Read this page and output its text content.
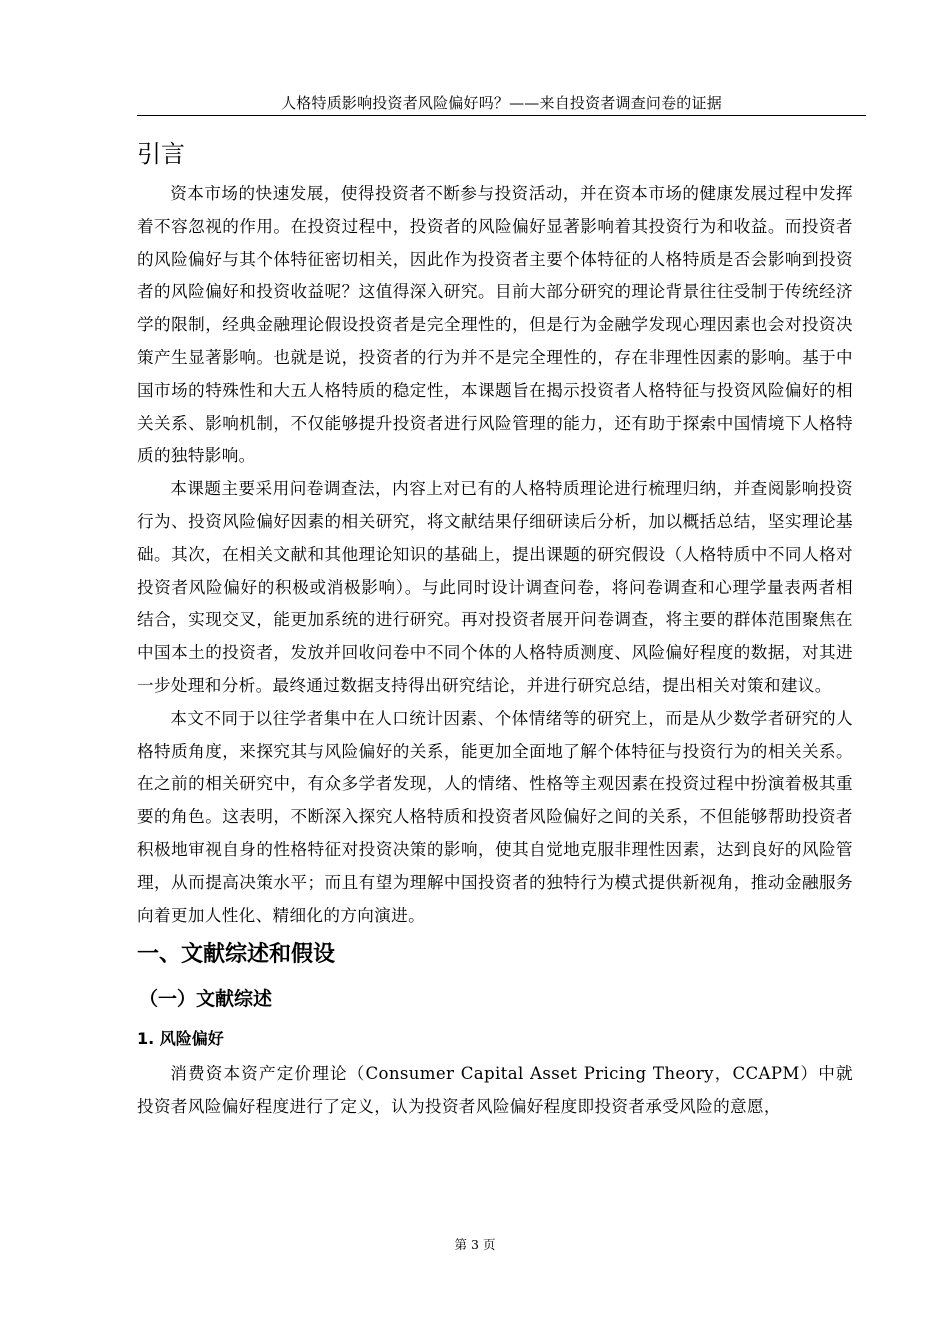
人格特质影响投资者风险偏好吗？——来自投资者调查问卷的证据
引言

资本市场的快速发展，使得投资者不断参与投资活动，并在资本市场的健康发展过程中发挥着不容忽视的作用。在投资过程中，投资者的风险偏好显著影响着其投资行为和收益。而投资者的风险偏好与其个体特征密切相关，因此作为投资者主要个体特征的人格特质是否会影响到投资者的风险偏好和投资收益呢？这值得深入研究。目前大部分研究的理论背景往往受制于传统经济学的限制，经典金融理论假设投资者是完全理性的，但是行为金融学发现心理因素也会对投资决策产生显著影响。也就是说，投资者的行为并不是完全理性的，存在非理性因素的影响。基于中国市场的特殊性和大五人格特质的稳定性，本课题旨在揭示投资者人格特征与投资风险偏好的相关关系、影响机制，不仅能够提升投资者进行风险管理的能力，还有助于探索中国情境下人格特质的独特影响。

本课题主要采用问卷调查法，内容上对已有的人格特质理论进行梳理归纳，并查阅影响投资行为、投资风险偏好因素的相关研究，将文献结果仔细研读后分析，加以概括总结，坚实理论基础。其次，在相关文献和其他理论知识的基础上，提出课题的研究假设（人格特质中不同人格对投资者风险偏好的积极或消极影响）。与此同时设计调查问卷，将问卷调查和心理学量表两者相结合，实现交叉，能更加系统的进行研究。再对投资者展开问卷调查，将主要的群体范围聚焦在中国本土的投资者，发放并回收问卷中不同个体的人格特质测度、风险偏好程度的数据，对其进一步处理和分析。最终通过数据支持得出研究结论，并进行研究总结，提出相关对策和建议。

本文不同于以往学者集中在人口统计因素、个体情绪等的研究上，而是从少数学者研究的人格特质角度，来探究其与风险偏好的关系，能更加全面地了解个体特征与投资行为的相关关系。在之前的相关研究中，有众多学者发现，人的情绪、性格等主观因素在投资过程中扮演着极其重要的角色。这表明，不断深入探究人格特质和投资者风险偏好之间的关系，不但能够帮助投资者积极地审视自身的性格特征对投资决策的影响，使其自觉地克服非理性因素，达到良好的风险管理，从而提高决策水平；而且有望为理解中国投资者的独特行为模式提供新视角，推动金融服务向着更加人性化、精细化的方向演进。

一、文献综述和假设
（一）文献综述
1. 风险偏好

消费资本资产定价理论（Consumer Capital Asset Pricing Theory，CCAPM）中就投资者风险偏好程度进行了定义，认为投资者风险偏好程度即投资者承受风险的意愿，

第 3 页
